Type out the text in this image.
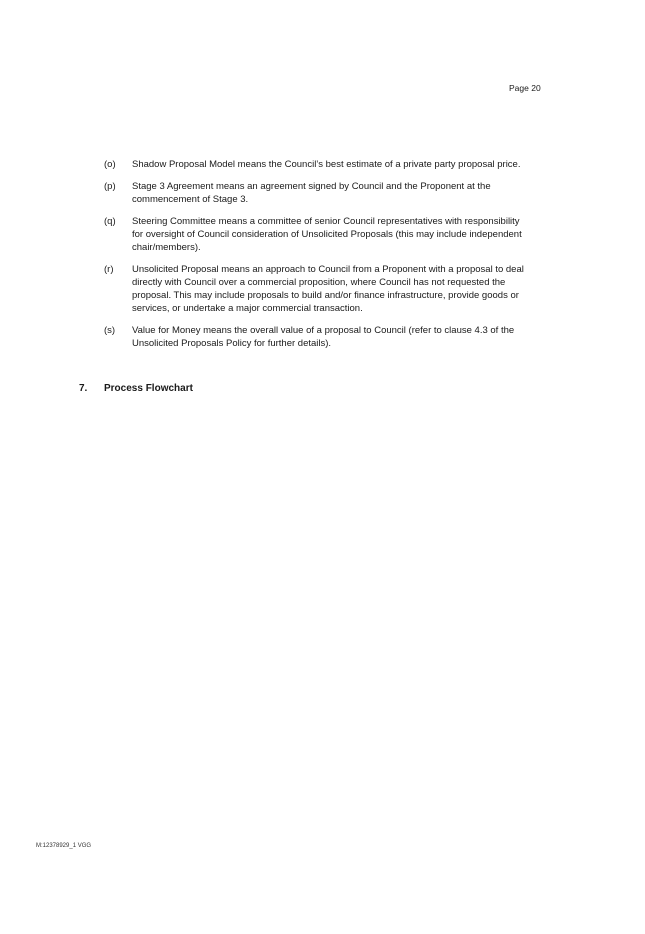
Page 20
(o)	Shadow Proposal Model means the Council’s best estimate of a private party proposal price.
(p)	Stage 3 Agreement means an agreement signed by Council and the Proponent at the commencement of Stage 3.
(q)	Steering Committee means a committee of senior Council representatives with responsibility for oversight of Council consideration of Unsolicited Proposals (this may include independent chair/members).
(r)	Unsolicited Proposal means an approach to Council from a Proponent with a proposal to deal directly with Council over a commercial proposition, where Council has not requested the proposal. This may include proposals to build and/or finance infrastructure, provide goods or services, or undertake a major commercial transaction.
(s)	Value for Money means the overall value of a proposal to Council (refer to clause 4.3 of the Unsolicited Proposals Policy for further details).
7.	Process Flowchart
M:12378929_1 VGG
